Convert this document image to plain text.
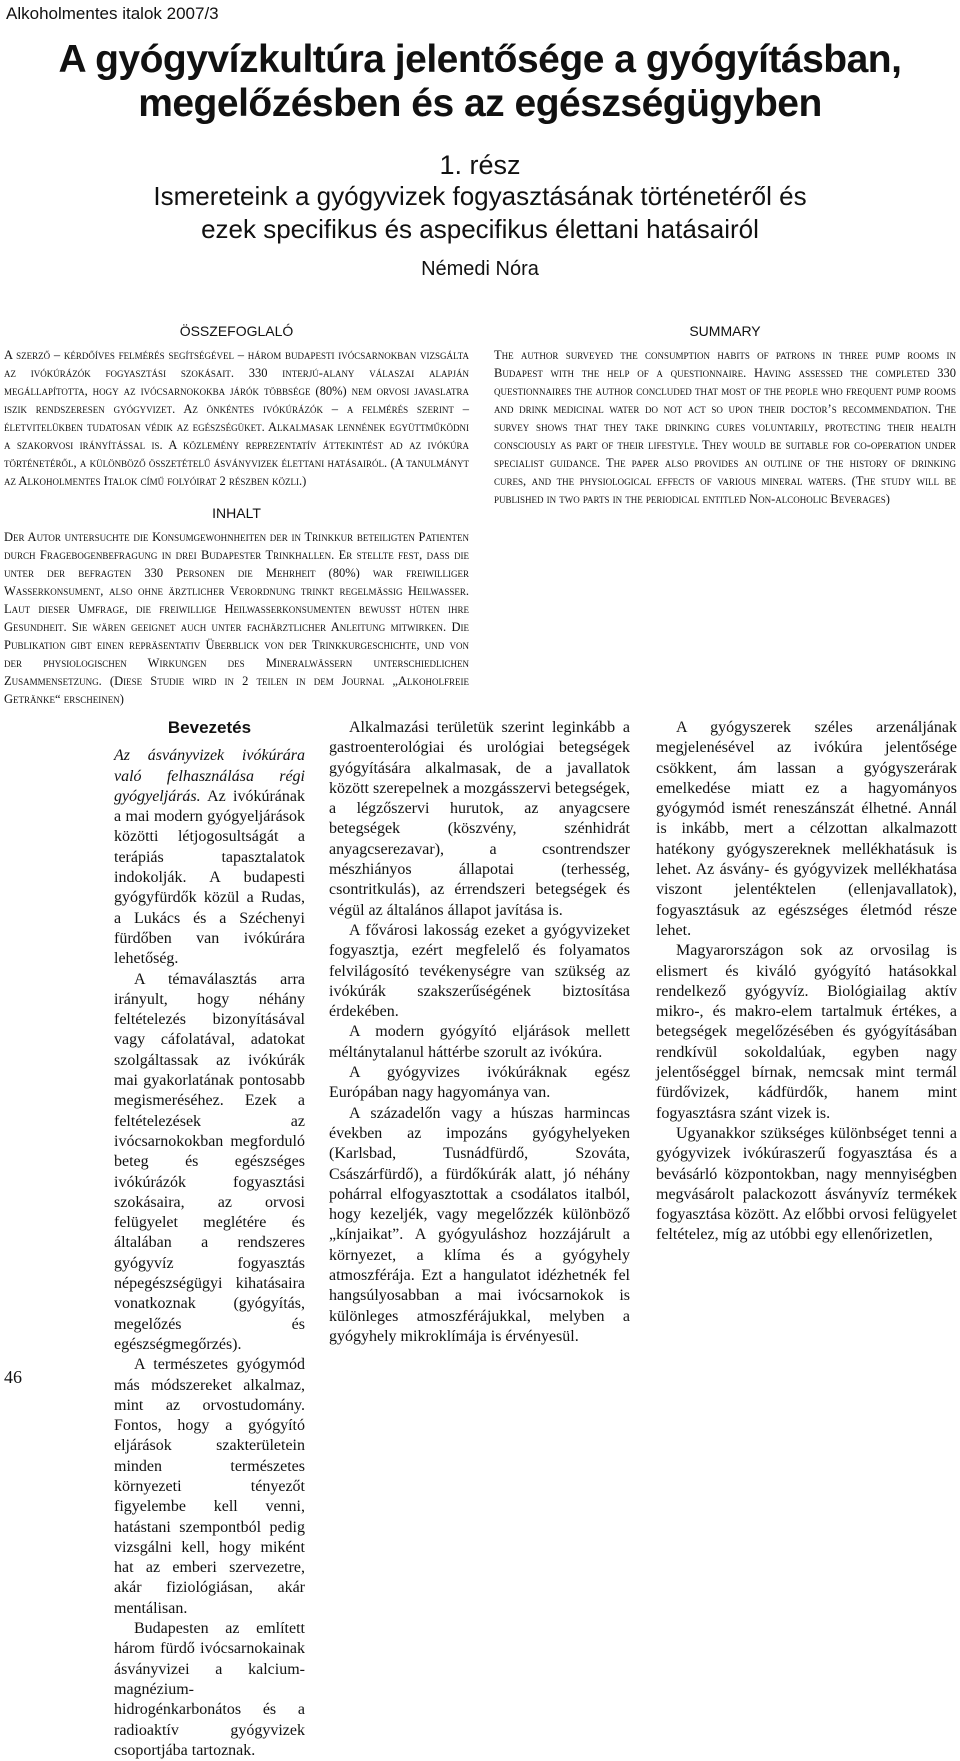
Alkoholmentes italok 2007/3
A gyógyvízkultúra jelentősége a gyógyításban,
megelőzésben és az egészségügyben
1. rész
Ismereteink a gyógyvizek fogyasztásának történetéről és
ezek specifikus és aspecifikus élettani hatásairól
Némedi Nóra
ÖSSZEFOGLALÓ
A szerző – kérdőíves felmérés segítségével – három budapesti ivócsarnokban vizsgálta az ivókúrázók fogyasztási szokásait. 330 interjú-alany válaszai alapján megállapította, hogy az ivócsarnokokba járók többsége (80%) nem orvosi javaslatra iszik rendszeresen gyógyvizet. Az önkéntes ivókúrázók – a felmérés szerint – életvitelükben tudatosan védik az egészségüket. Alkalmasak lennének együttműködni a szakorvosi irányítással is. A közlemény reprezentatív áttekintést ad az ivókúra történetéről, a különböző összetételű ásványvizek élettani hatásairól. (A tanulmányt az Alkoholmentes Italok című folyóirat 2 részben közli.)
INHALT
Der Autor untersuchte die Konsumgewohnheiten der in Trinkkur beteiligten Patienten durch Fragebogenbefragung in drei Budapester Trinkhallen. Er stellte fest, dass die unter der befragten 330 Personen die Mehrheit (80%) war freiwilliger Wasserkonsument, also ohne ärztlicher Verordnung trinkt regelmäßig Heilwasser. Laut dieser Umfrage, die freiwillige Heilwasserkonsumenten bewusst hüten ihre Gesundheit. Sie wären geeignet auch unter fachärztlicher Anleitung mitwirken. Die Publikation gibt einen repräsentativ Überblick von der Trinkkurgeschichte, und von der physiologischen Wirkungen des Mineralwässern unterschiedlichen Zusammensetzung. (Diese Studie wird in 2 teilen in dem Journal „Alkoholfreie Getränke“ erscheinen)
SUMMARY
The author surveyed the consumption habits of patrons in three pump rooms in Budapest with the help of a questionnaire. Having assessed the completed 330 questionnaires the author concluded that most of the people who frequent pump rooms and drink medicinal water do not act so upon their doctor’s recommendation. The survey shows that they take drinking cures voluntarily, protecting their health consciously as part of their lifestyle. They would be suitable for co-operation under specialist guidance. The paper also provides an outline of the history of drinking cures, and the physiological effects of various mineral waters. (The study will be published in two parts in the periodical entitled Non-alcoholic Beverages)
Bevezetés

Az ásványvizek ivókúrára való felhasználása régi gyógyeljárás. Az ivókúrának a mai modern gyógyeljárások közötti létjogosultságát a terápiás tapasztalatok indokolják. A budapesti gyógyfürdők közül a Rudas, a Lukács és a Széchenyi fürdőben van ivókúrára lehetőség.

A témaválasztás arra irányult, hogy néhány feltételezés bizonyításával vagy cáfolatával, adatokat szolgáltassak az ivókúrák mai gyakorlatának pontosabb megismeréséhez. Ezek a feltételezések az ivócsarnokokban megforduló beteg és egészséges ivókúrázók fogyasztási szokásaira, az orvosi felügyelet meglétére és általában a rendszeres gyógyvíz fogyasztás népegészségügyi kihatásaira vonatkoznak (gyógyítás, megelőzés és egészségmegőrzés).

A természetes gyógymód más módszereket alkalmaz, mint az orvostudomány. Fontos, hogy a gyógyító eljárások szakterületein minden természetes környezeti tényezőt figyelembe kell venni, hatástani szempontból pedig vizsgálni kell, hogy miként hat az emberi szervezetre, akár fiziológiásan, akár mentálisan.

Budapesten az említett három fürdő ivócsarnokainak ásványvizei a kalcium-magnézium-hidrogénkarbonátos és a radioaktív gyógyvizek csoportjába tartoznak.

Alkalmazási területük szerint leginkább a gastroenterológiai és urológiai betegségek gyógyítására alkalmasak, de a javallatok között szerepelnek a mozgásszervi betegségek, a légzőszervi hurutok, az anyagcsere betegségek (köszvény, szénhidrát anyagcserezavar), a csontrendszer mészhiányos állapotai (terhesség, csontritkulás), az érrendszeri betegségek és végül az általános állapot javítása is.

A fővárosi lakosság ezeket a gyógyvizeket fogyasztja, ezért megfelelő és folyamatos felvilágosító tevékenységre van szükség az ivókúrák szakszerűségének biztosítása érdekében.

A modern gyógyító eljárások mellett méltánytalanul háttérbe szorult az ivókúra.

A gyógyvizes ivókúráknak egész Európában nagy hagyománya van.

A századelőn vagy a húszas harmincas években az impozáns gyógyhelyeken (Karlsbad, Tusnádfürdő, Szováta, Császárfürdő), a fürdőkúrák alatt, jó néhány pohárral elfogyasztottak a csodálatos italból, hogy kezeljék, vagy megelőzzék különböző „kínjaikat”. A gyógyuláshoz hozzájárult a környezet, a klíma és a gyógyhely atmoszférája. Ezt a hangulatot idézhetnék fel hangsúlyosabban a mai ivócsarnokok is különleges atmoszférájukkal, melyben a gyógyhely mikroklímája is érvényesül.

A gyógyszerek széles arzenáljának megjelenésével az ivókúra jelentősége csökkent, ám lassan a gyógyszerárak emelkedése miatt ez a hagyományos gyógymód ismét reneszánszát élhetné. Annál is inkább, mert a célzottan alkalmazott hatékony gyógyszereknek mellékhatásuk is lehet. Az ásvány- és gyógyvizek mellékhatása viszont jelentéktelen (ellenjavallatok), fogyasztásuk az egészséges életmód része lehet.

Magyarországon sok az orvosilag is elismert és kiváló gyógyító hatásokkal rendelkező gyógyvíz. Biológiailag aktív mikro-, és makro-elem tartalmuk értékes, a betegségek megelőzésében és gyógyításában rendkívül sokoldalúak, egyben nagy jelentőséggel bírnak, nemcsak mint termál fürdővizek, kádfürdők, hanem mint fogyasztásra szánt vizek is.

Ugyanakkor szükséges különbséget tenni a gyógyvizek ivókúraszerű fogyasztása és a bevásárló központokban, nagy mennyiségben megvásárolt palackozott ásványvíz termékek fogyasztása között. Az előbbi orvosi felügyelet feltételez, míg az utóbbi egy ellenőrizetlen,

46
